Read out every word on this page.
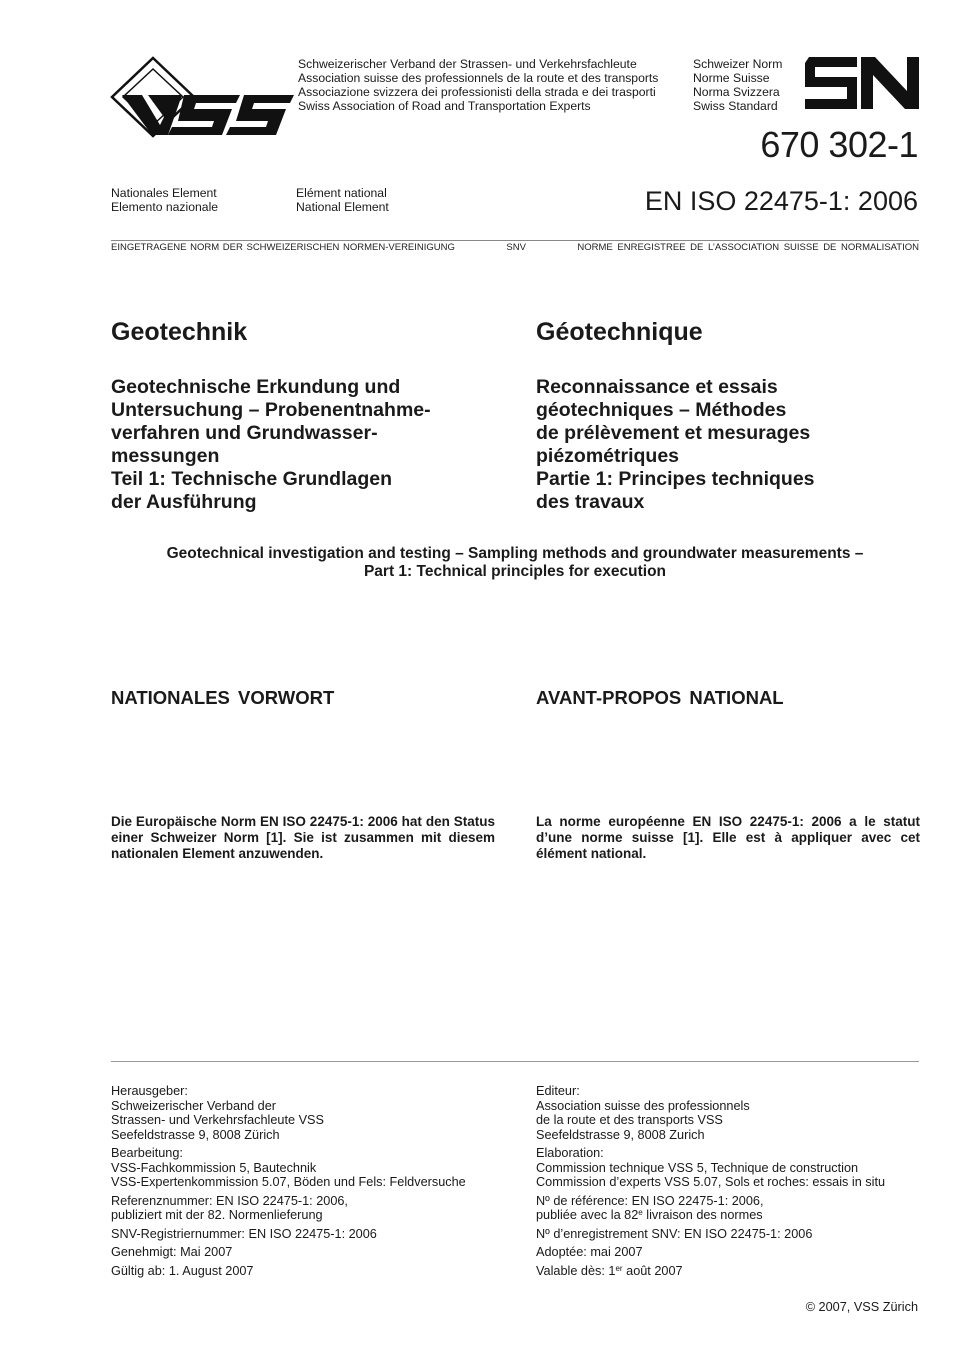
Schweizerischer Verband der Strassen- und Verkehrsfachleute
Association suisse des professionnels de la route et des transports
Associazione svizzera dei professionisti della strada e dei trasporti
Swiss Association of Road and Transportation Experts
Schweizer Norm
Norme Suisse
Norma Svizzera
Swiss Standard
670 302-1
Nationales Element
Elemento nazionale
Elément national
National Element	EN ISO 22475-1: 2006
EINGETRAGENE NORM DER SCHWEIZERISCHEN NORMEN-VEREINIGUNG	SNV	NORME ENREGISTREE DE L’ASSOCIATION SUISSE DE NORMALISATION
Geotechnik	Géotechnique
Geotechnische Erkundung und
Untersuchung – Probenentnahme-
verfahren und Grundwasser-
messungen
Teil 1: Technische Grundlagen
der Ausführung
Reconnaissance et essais
géotechniques – Méthodes
de prélèvement et mesurages
piézométriques
Partie 1: Principes techniques
des travaux
Geotechnical investigation and testing – Sampling methods and groundwater measurements –
Part 1: Technical principles for execution
NATIONALES VORWORT	AVANT-PROPOS NATIONAL
Die Europäische Norm EN ISO 22475-1: 2006 hat den Status einer Schweizer Norm [1]. Sie ist zusammen mit diesem nationalen Element anzuwenden.
La norme européenne EN ISO 22475-1: 2006 a le statut d’une norme suisse [1]. Elle est à appliquer avec cet élément national.
Herausgeber:
Schweizerischer Verband der
Strassen- und Verkehrsfachleute VSS
Seefeldstrasse 9, 8008 Zürich
Bearbeitung:
VSS-Fachkommission 5, Bautechnik
VSS-Expertenkommission 5.07, Böden und Fels: Feldversuche
Referenznummer: EN ISO 22475-1: 2006,
publiziert mit der 82. Normenlieferung
SNV-Registriernummer: EN ISO 22475-1: 2006
Genehmigt: Mai 2007
Gültig ab: 1. August 2007
Editeur:
Association suisse des professionnels
de la route et des transports VSS
Seefeldstrasse 9, 8008 Zurich
Elaboration:
Commission technique VSS 5, Technique de construction
Commission d’experts VSS 5.07, Sols et roches: essais in situ
Nº de référence: EN ISO 22475-1: 2006,
publiée avec la 82e livraison des normes
Nº d’enregistrement SNV: EN ISO 22475-1: 2006
Adoptée: mai 2007
Valable dès: 1er août 2007
© 2007, VSS Zürich
